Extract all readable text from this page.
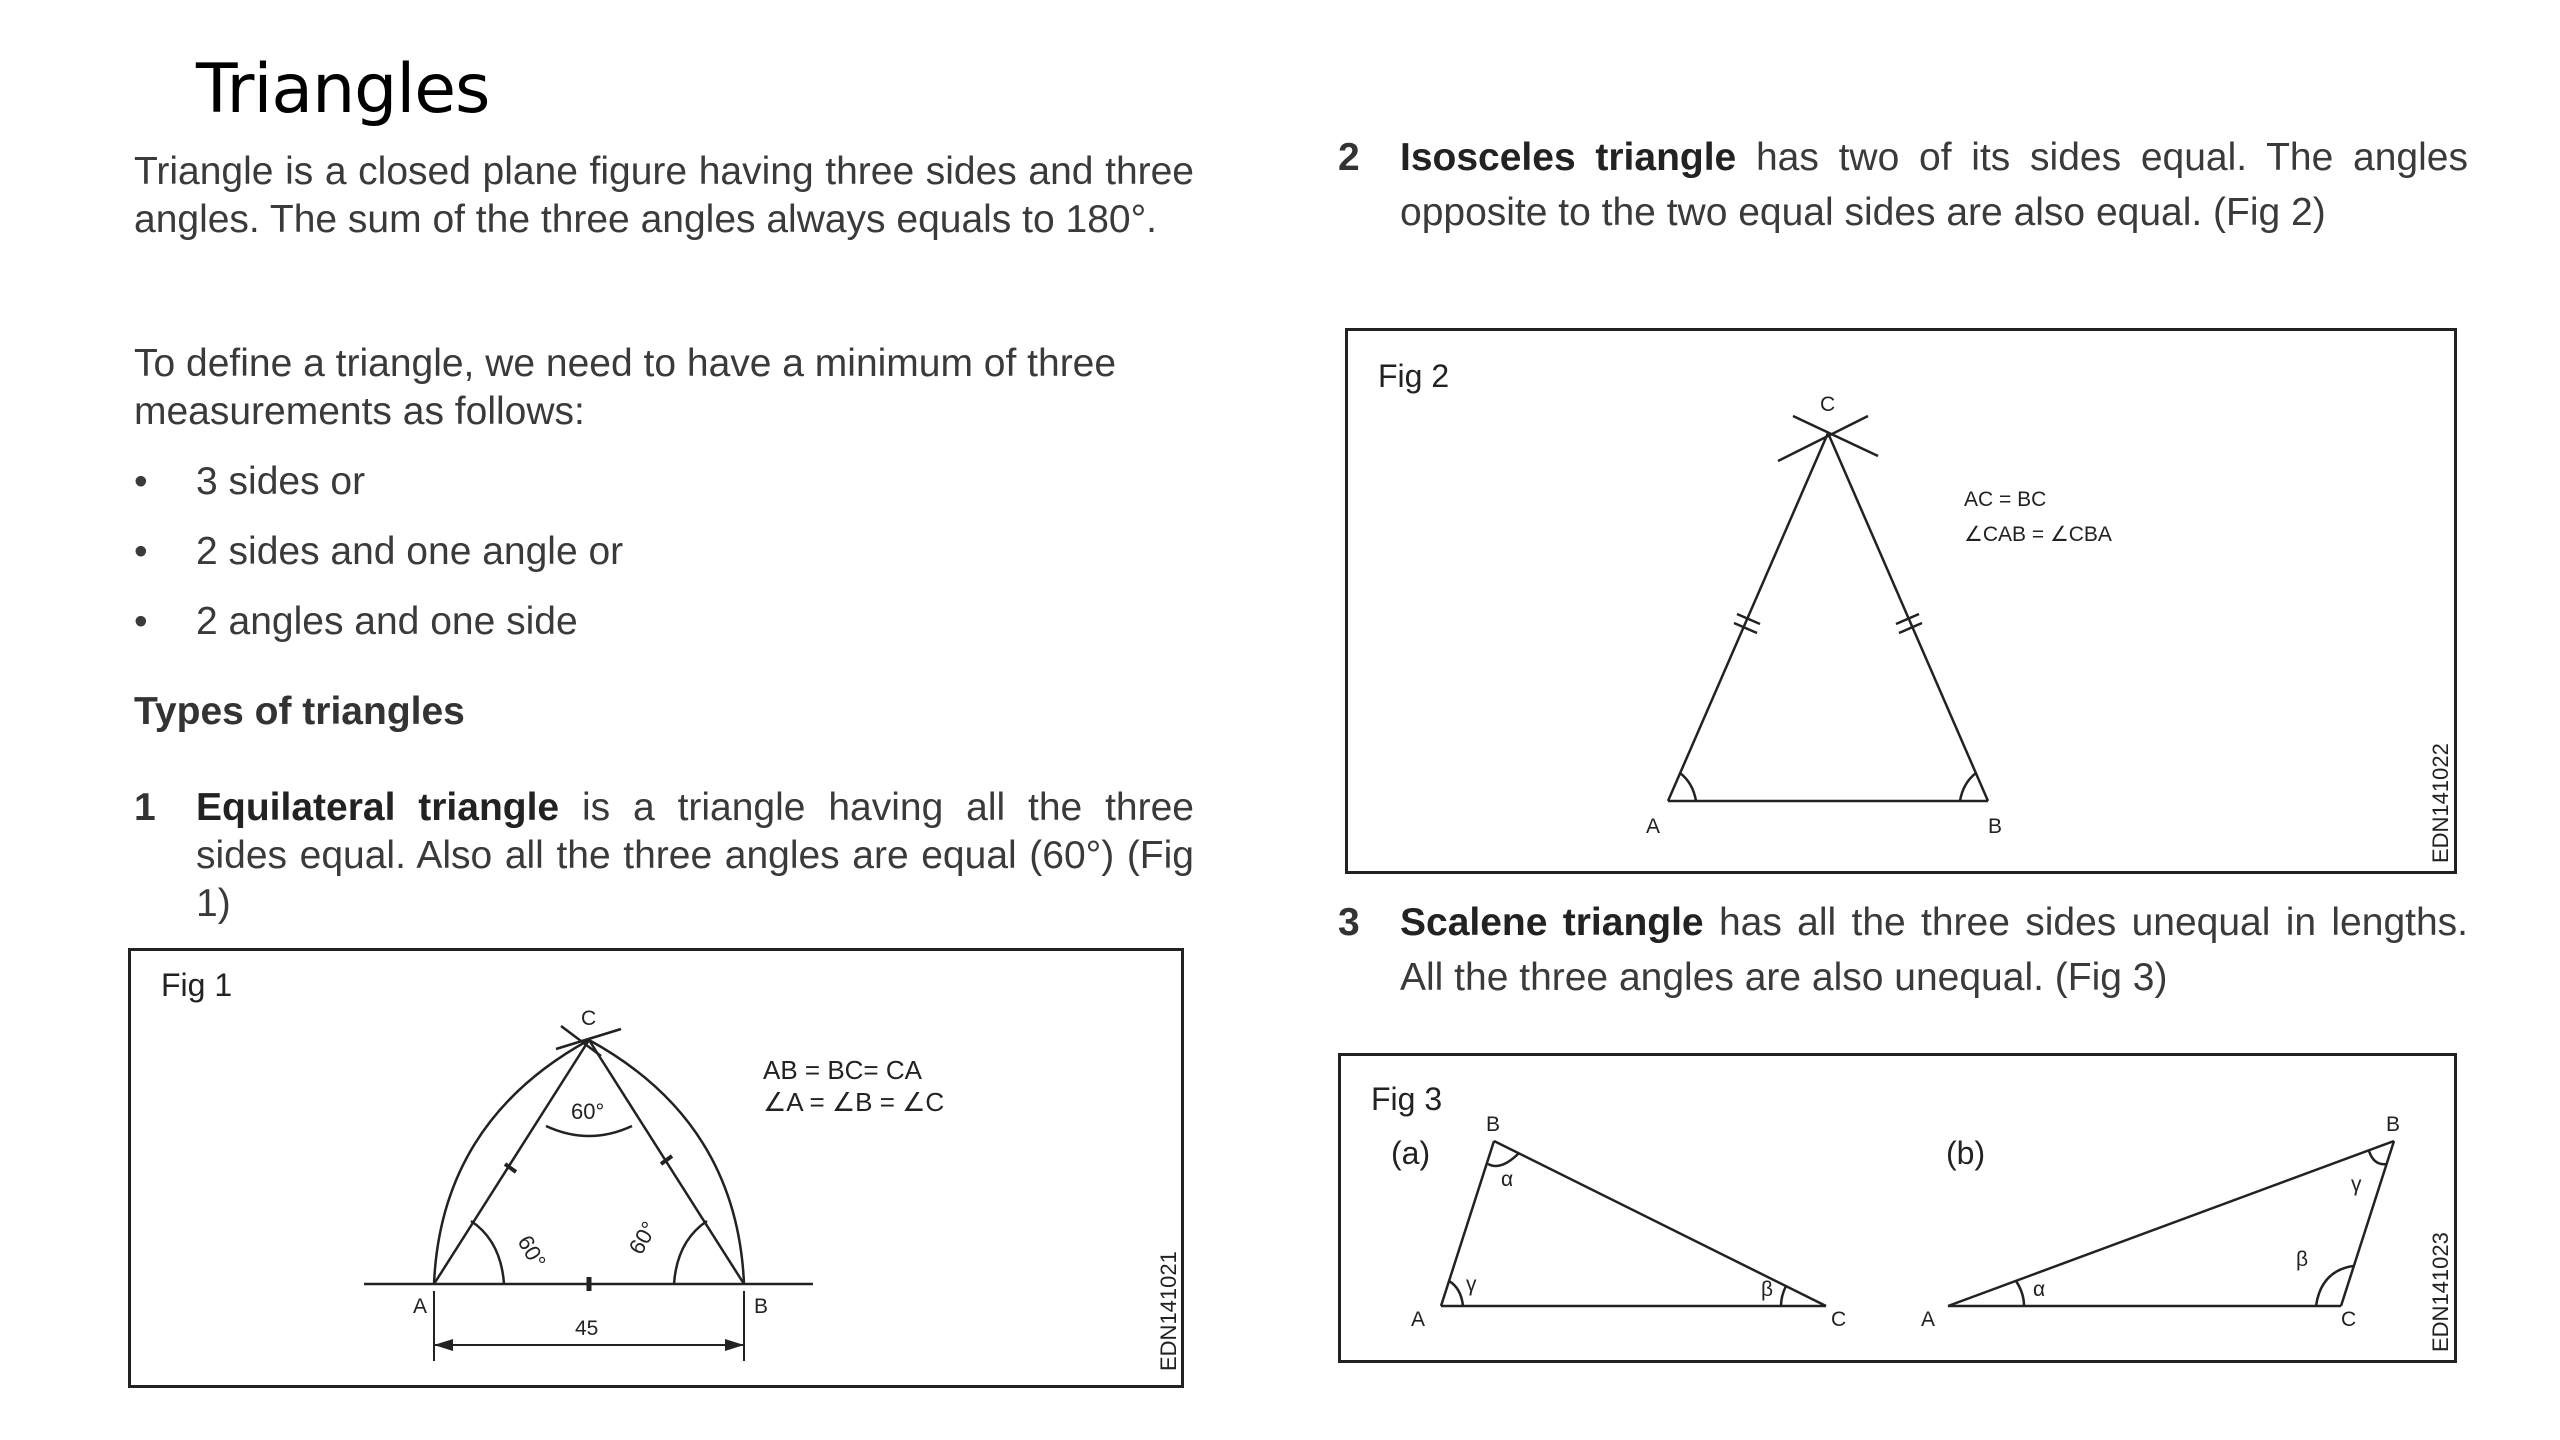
Triangles
Triangle is a closed plane figure having three sides and three angles. The sum of the three angles always equals to 180°.
To define a triangle, we need to have a minimum of three measurements as follows:
• 3 sides or
• 2 sides and one angle or
• 2 angles and one side
Types of triangles
1 Equilateral triangle is a triangle having all the three sides equal. Also all the three angles are equal (60°) (Fig 1)
2 Isosceles triangle has two of its sides equal. The angles opposite to the two equal sides are also equal. (Fig 2)
3 Scalene triangle has all the three sides unequal in lengths. All the three angles are also unequal. (Fig 3)
Fig 1
60°
60°	60°
A	B
C
45
AB = BC= CA
∠A = ∠B = ∠C
EDN141021
Fig 2
A	B
C
AC = BC
∠CAB = ∠CBA
EDN141022
Fig 3
(a)	(b)
A
B
C
α
β
γ
A
B
C
α
β
γ
EDN141023
